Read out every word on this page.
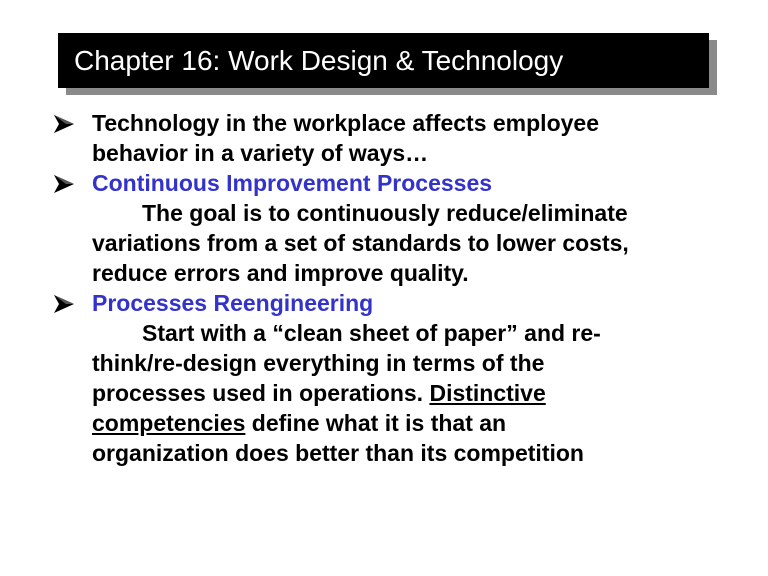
Chapter 16: Work Design & Technology
Technology in the workplace affects employee
behavior in a variety of ways…
Continuous Improvement Processes
The goal is to continuously reduce/eliminate
variations from a set of standards to lower costs,
reduce errors and improve quality.
Processes Reengineering
Start with a “clean sheet of paper” and re-
think/re-design everything in terms of the
processes used in operations. Distinctive
competencies define what it is that an
organization does better than its competition
